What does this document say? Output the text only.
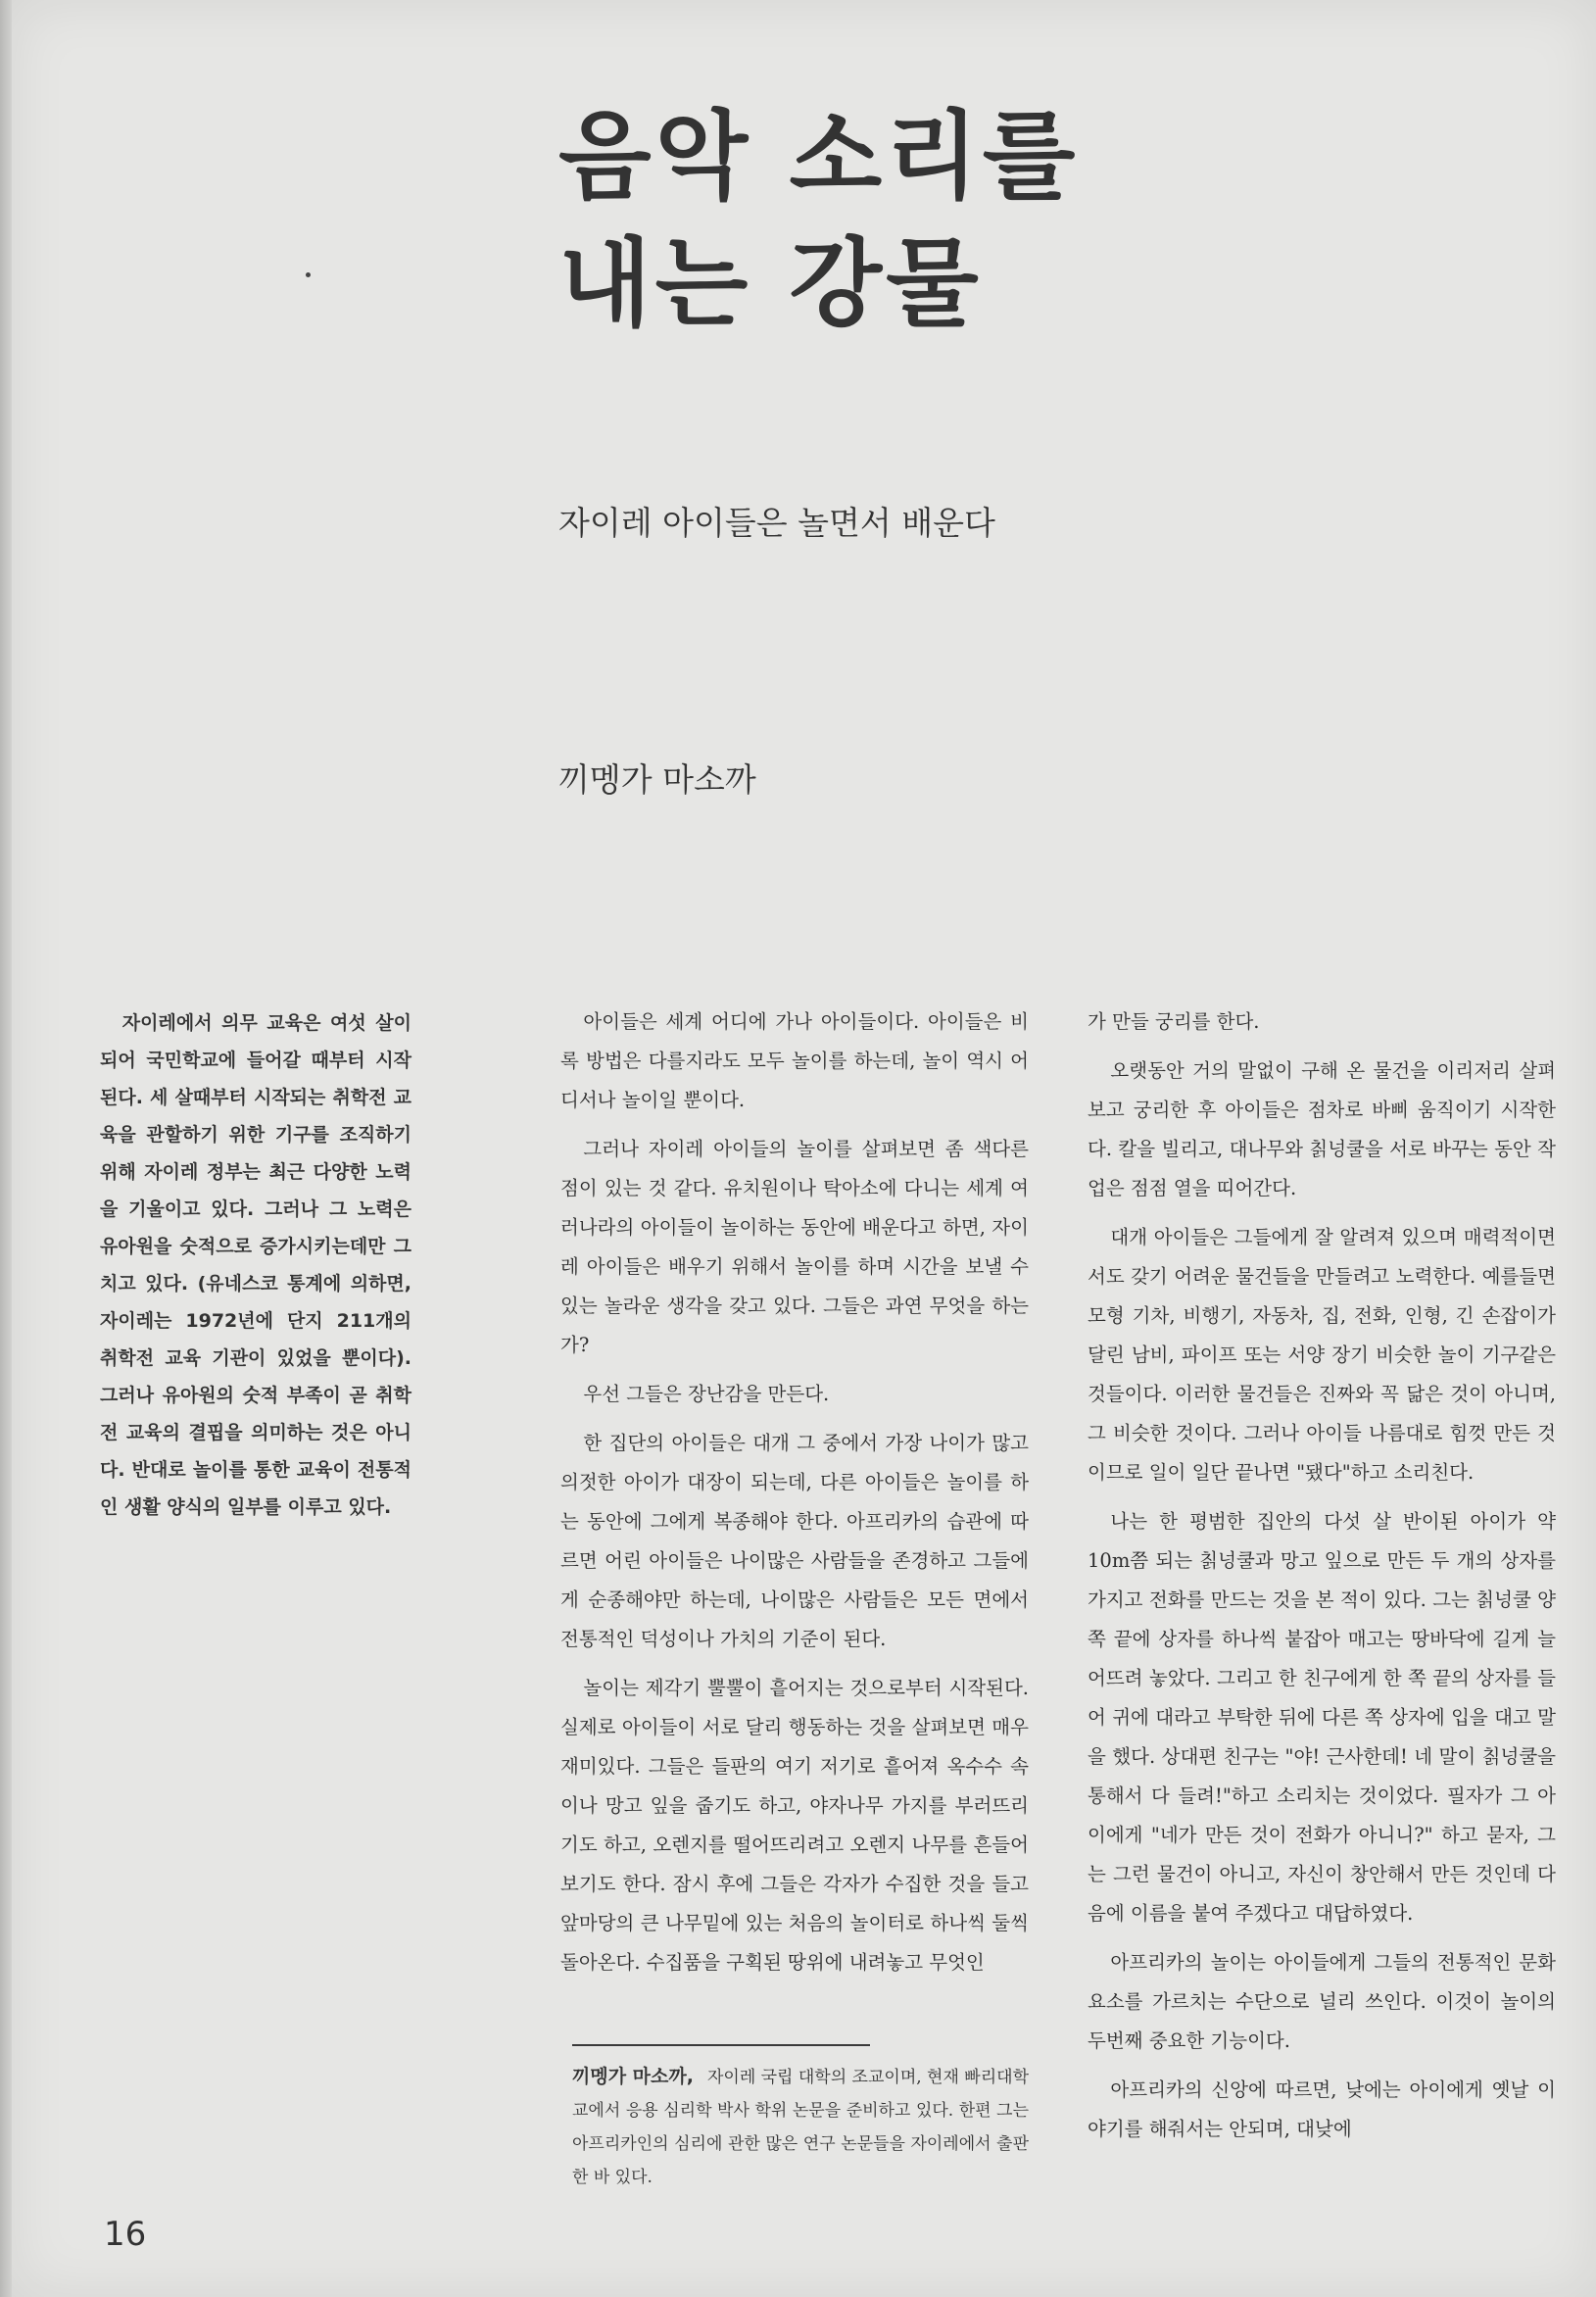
음악 소리를
내는 강물
자이레 아이들은 놀면서 배운다
끼멩가 마소까

자이레에서 의무 교육은 여섯 살이 되어 국민학교에 들어갈 때부터 시작된다. 세 살때부터 시작되는 취학전 교육을 관할하기 위한 기구를 조직하기 위해 자이레 정부는 최근 다양한 노력을 기울이고 있다. 그러나 그 노력은 유아원을 숫적으로 증가시키는데만 그치고 있다. (유네스코 통계에 의하면, 자이레는 1972년에 단지 211개의 취학전 교육 기관이 있었을 뿐이다). 그러나 유아원의 숫적 부족이 곧 취학전 교육의 결핍을 의미하는 것은 아니다. 반대로 놀이를 통한 교육이 전통적인 생활 양식의 일부를 이루고 있다.

아이들은 세계 어디에 가나 아이들이다. 아이들은 비록 방법은 다를지라도 모두 놀이를 하는데, 놀이 역시 어디서나 놀이일 뿐이다.

그러나 자이레 아이들의 놀이를 살펴보면 좀 색다른 점이 있는 것 같다. 유치원이나 탁아소에 다니는 세계 여러나라의 아이들이 놀이하는 동안에 배운다고 하면, 자이레 아이들은 배우기 위해서 놀이를 하며 시간을 보낼 수 있는 놀라운 생각을 갖고 있다. 그들은 과연 무엇을 하는가?

우선 그들은 장난감을 만든다.

한 집단의 아이들은 대개 그 중에서 가장 나이가 많고 의젓한 아이가 대장이 되는데, 다른 아이들은 놀이를 하는 동안에 그에게 복종해야 한다. 아프리카의 습관에 따르면 어린 아이들은 나이많은 사람들을 존경하고 그들에게 순종해야만 하는데, 나이많은 사람들은 모든 면에서 전통적인 덕성이나 가치의 기준이 된다.

놀이는 제각기 뿔뿔이 흩어지는 것으로부터 시작된다. 실제로 아이들이 서로 달리 행동하는 것을 살펴보면 매우 재미있다. 그들은 들판의 여기 저기로 흩어져 옥수수 속이나 망고 잎을 줍기도 하고, 야자나무 가지를 부러뜨리기도 하고, 오렌지를 떨어뜨리려고 오렌지 나무를 흔들어 보기도 한다. 잠시 후에 그들은 각자가 수집한 것을 들고 앞마당의 큰 나무밑에 있는 처음의 놀이터로 하나씩 둘씩 돌아온다. 수집품을 구획된 땅위에 내려놓고 무엇인

가 만들 궁리를 한다.

오랫동안 거의 말없이 구해 온 물건을 이리저리 살펴보고 궁리한 후 아이들은 점차로 바삐 움직이기 시작한다. 칼을 빌리고, 대나무와 칡넝쿨을 서로 바꾸는 동안 작업은 점점 열을 띠어간다.

대개 아이들은 그들에게 잘 알려져 있으며 매력적이면서도 갖기 어려운 물건들을 만들려고 노력한다. 예를들면 모형 기차, 비행기, 자동차, 집, 전화, 인형, 긴 손잡이가 달린 남비, 파이프 또는 서양 장기 비슷한 놀이 기구같은 것들이다. 이러한 물건들은 진짜와 꼭 닮은 것이 아니며, 그 비슷한 것이다. 그러나 아이들 나름대로 힘껏 만든 것이므로 일이 일단 끝나면 "됐다"하고 소리친다.

나는 한 평범한 집안의 다섯 살 반이된 아이가 약 10m쯤 되는 칡넝쿨과 망고 잎으로 만든 두 개의 상자를 가지고 전화를 만드는 것을 본 적이 있다. 그는 칡넝쿨 양 쪽 끝에 상자를 하나씩 붙잡아 매고는 땅바닥에 길게 늘어뜨려 놓았다. 그리고 한 친구에게 한 쪽 끝의 상자를 들어 귀에 대라고 부탁한 뒤에 다른 쪽 상자에 입을 대고 말을 했다. 상대편 친구는 "야! 근사한데! 네 말이 칡넝쿨을 통해서 다 들려!"하고 소리치는 것이었다. 필자가 그 아이에게 "네가 만든 것이 전화가 아니니?" 하고 묻자, 그는 그런 물건이 아니고, 자신이 창안해서 만든 것인데 다음에 이름을 붙여 주겠다고 대답하였다.

아프리카의 놀이는 아이들에게 그들의 전통적인 문화 요소를 가르치는 수단으로 널리 쓰인다. 이것이 놀이의 두번째 중요한 기능이다.

아프리카의 신앙에 따르면, 낮에는 아이에게 옛날 이야기를 해줘서는 안되며, 대낮에

끼멩가 마소까, 자이레 국립 대학의 조교이며, 현재 빠리대학교에서 응용 심리학 박사 학위 논문을 준비하고 있다. 한편 그는 아프리카인의 심리에 관한 많은 연구 논문들을 자이레에서 출판한 바 있다.
16
